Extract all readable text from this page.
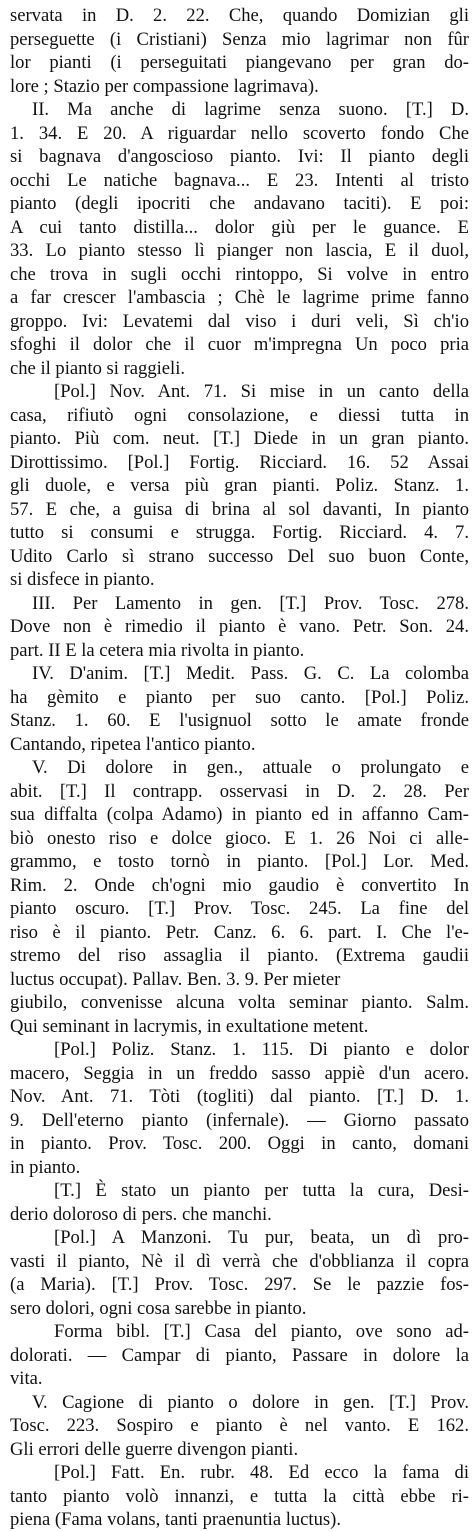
servata in D. 2. 22. Che, quando Domizian gli
perseguette (i Cristiani) Senza mio lagrimar non fûr
lor pianti (i perseguitati piangevano per gran do-
lore ; Stazio per compassione lagrimava).
II. Ma anche di lagrime senza suono. [T.] D.
1. 34. E 20. A riguardar nello scoverto fondo Che
si bagnava d'angoscioso pianto. Ivi: Il pianto degli
occhi Le natiche bagnava... E 23. Intenti al tristo
pianto (degli ipocriti che andavano taciti). E poi:
A cui tanto distilla... dolor giù per le guance. E
33. Lo pianto stesso lì pianger non lascia, E il duol,
che trova in sugli occhi rintoppo, Si volve in entro
a far crescer l'ambascia ; Chè le lagrime prime fanno
groppo. Ivi: Levatemi dal viso i duri veli, Sì ch'io
sfoghi il dolor che il cuor m'impregna Un poco pria
che il pianto si raggieli.
[Pol.] Nov. Ant. 71. Si mise in un canto della
casa, rifiutò ogni consolazione, e diessi tutta in
pianto. Più com. neut. [T.] Diede in un gran pianto.
Dirottissimo. [Pol.] Fortig. Ricciard. 16. 52 Assai
gli duole, e versa più gran pianti. Poliz. Stanz. 1.
57. E che, a guisa di brina al sol davanti, In pianto
tutto si consumi e strugga. Fortig. Ricciard. 4. 7.
Udito Carlo sì strano successo Del suo buon Conte,
si disfece in pianto.
III. Per Lamento in gen. [T.] Prov. Tosc. 278.
Dove non è rimedio il pianto è vano. Petr. Son. 24.
part. II E la cetera mia rivolta in pianto.
IV. D'anim. [T.] Medit. Pass. G. C. La colomba
ha gèmito e pianto per suo canto. [Pol.] Poliz.
Stanz. 1. 60. E l'usignuol sotto le amate fronde
Cantando, ripetea l'antico pianto.
V. Di dolore in gen., attuale o prolungato e
abit. [T.] Il contrapp. osservasi in D. 2. 28. Per
sua diffalta (colpa Adamo) in pianto ed in affanno Cam-
biò onesto riso e dolce gioco. E 1. 26 Noi ci alle-
grammo, e tosto tornò in pianto. [Pol.] Lor. Med.
Rim. 2. Onde ch'ogni mio gaudio è convertito In
pianto oscuro. [T.] Prov. Tosc. 245. La fine del
riso è il pianto. Petr. Canz. 6. 6. part. I. Che l'e-
stremo del riso assaglia il pianto. (Extrema gaudii
luctus occupat). Pallav. Ben. 3. 9. Per mieter
giubilo, convenisse alcuna volta seminar pianto. Salm.
Qui seminant in lacrymis, in exultatione metent.
[Pol.] Poliz. Stanz. 1. 115. Di pianto e dolor
macero, Seggia in un freddo sasso appiè d'un acero.
Nov. Ant. 71. Tòti (togliti) dal pianto. [T.] D. 1.
9. Dell'eterno pianto (infernale). — Giorno passato
in pianto. Prov. Tosc. 200. Oggi in canto, domani
in pianto.
[T.] È stato un pianto per tutta la cura, Desi-
derio doloroso di pers. che manchi.
[Pol.] A Manzoni. Tu pur, beata, un dì pro-
vasti il pianto, Nè il dì verrà che d'obblianza il copra
(a Maria). [T.] Prov. Tosc. 297. Se le pazzie fos-
sero dolori, ogni cosa sarebbe in pianto.
Forma bibl. [T.] Casa del pianto, ove sono ad-
dolorati. — Campar di pianto, Passare in dolore la
vita.
V. Cagione di pianto o dolore in gen. [T.] Prov.
Tosc. 223. Sospiro e pianto è nel vanto. E 162.
Gli errori delle guerre divengon pianti.
[Pol.] Fatt. En. rubr. 48. Ed ecco la fama di
tanto pianto volò innanzi, e tutta la città ebbe ri-
piena (Fama volans, tanti praenuntia luctus).
